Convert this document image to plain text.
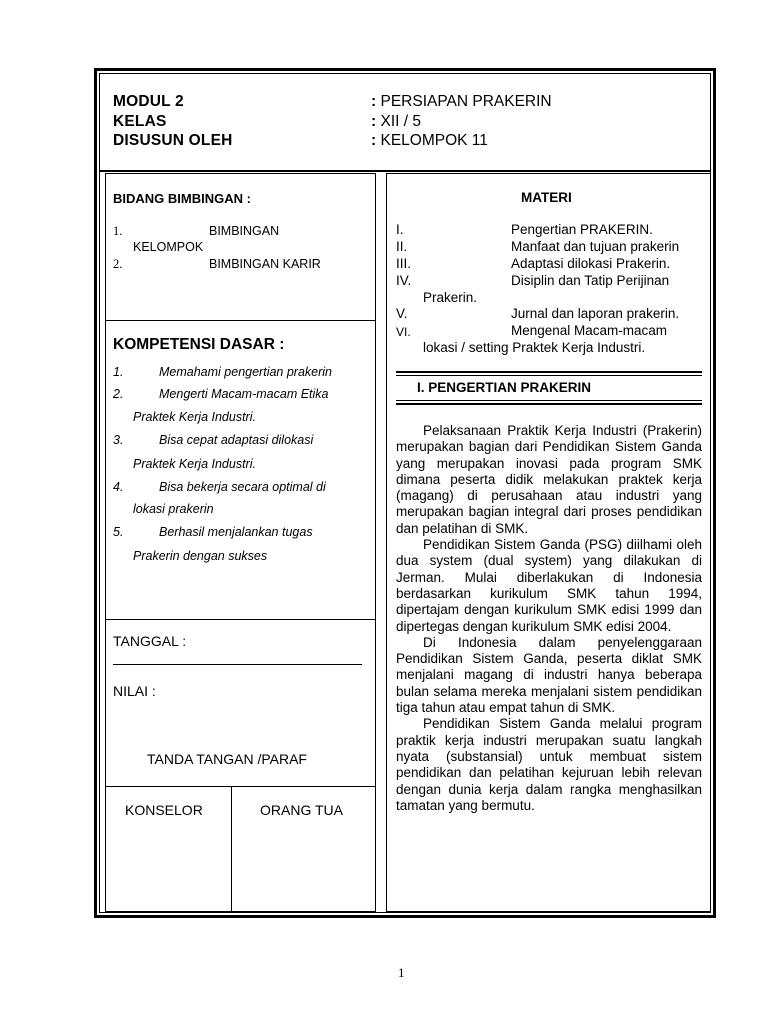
MODUL 2	: PERSIAPAN PRAKERIN
KELAS	: XII / 5
DISUSUN OLEH	: KELOMPOK 11
BIDANG BIMBINGAN :
1.	BIMBINGAN
KELOMPOK
2.	BIMBINGAN KARIR
KOMPETENSI DASAR :
1.	Memahami pengertian prakerin
2.	Mengerti Macam-macam Etika
Praktek Kerja Industri.
3.	Bisa cepat adaptasi dilokasi
Praktek Kerja Industri.
4.	Bisa bekerja secara optimal di
lokasi prakerin
5.	Berhasil menjalankan tugas
Prakerin dengan sukses
TANGGAL :
NILAI :
TANDA TANGAN /PARAF
KONSELOR	ORANG TUA
MATERI
I.	Pengertian PRAKERIN.
II.	Manfaat dan tujuan prakerin
III.	Adaptasi dilokasi Prakerin.
IV.	Disiplin dan Tatip Perijinan
Prakerin.
V.	Jurnal dan laporan prakerin.
VI.	Mengenal Macam-macam
lokasi / setting Praktek Kerja Industri.
I. PENGERTIAN PRAKERIN

Pelaksanaan Praktik Kerja Industri (Prakerin) merupakan bagian dari Pendidikan Sistem Ganda yang merupakan inovasi pada program SMK dimana peserta didik melakukan praktek kerja (magang) di perusahaan atau industri yang merupakan bagian integral dari proses pendidikan dan pelatihan di SMK.

Pendidikan Sistem Ganda (PSG) diilhami oleh dua system (dual system) yang dilakukan di Jerman. Mulai diberlakukan di Indonesia berdasarkan kurikulum SMK tahun 1994, dipertajam dengan kurikulum SMK edisi 1999 dan dipertegas dengan kurikulum SMK edisi 2004.

Di Indonesia dalam penyelenggaraan Pendidikan Sistem Ganda, peserta diklat SMK menjalani magang di industri hanya beberapa bulan selama mereka menjalani sistem pendidikan tiga tahun atau empat tahun di SMK.

Pendidikan Sistem Ganda melalui program praktik kerja industri merupakan suatu langkah nyata (substansial) untuk membuat sistem pendidikan dan pelatihan kejuruan lebih relevan dengan dunia kerja dalam rangka menghasilkan tamatan yang bermutu.

1
